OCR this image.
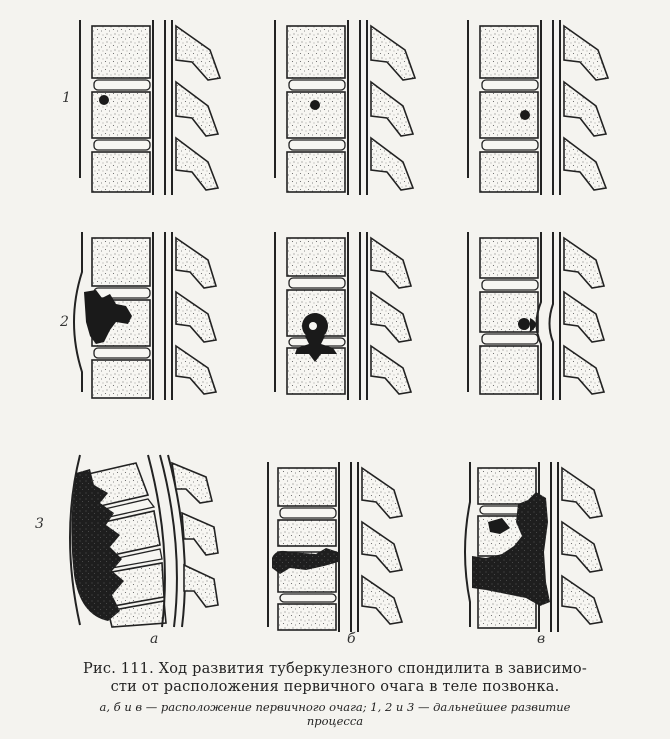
1
2
3
а	б	в
Рис. 111. Ход развития туберкулезного спондилита в зависимо-
сти от расположения первичного очага в теле позвонка.
а, б и в — расположение первичного очага; 1, 2 и 3 — дальнейшее развитие
процесса
